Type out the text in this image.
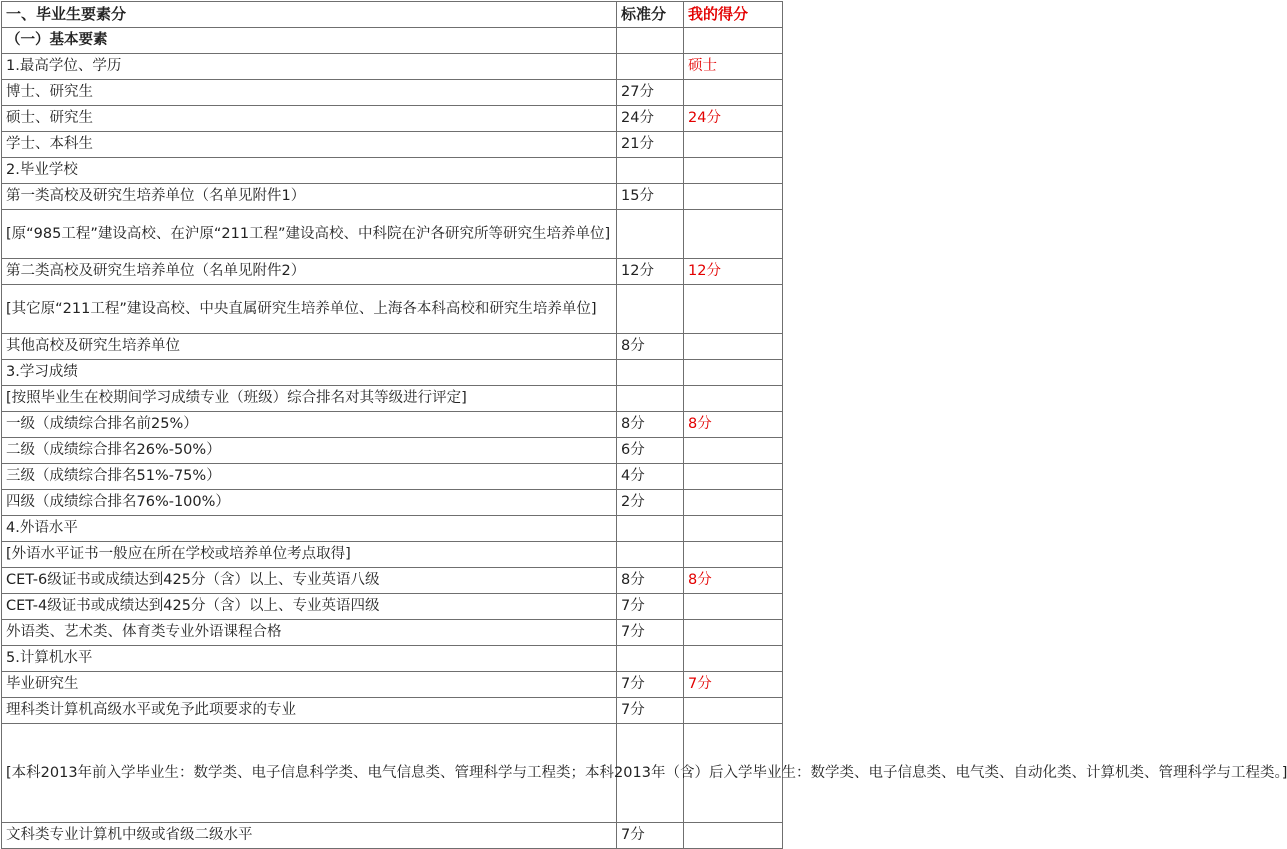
一、毕业生要素分	标准分	我的得分
（一）基本要素		
1.最高学位、学历		硕士
博士、研究生	27分	
硕士、研究生	24分	24分
学士、本科生	21分	
2.毕业学校		
第一类高校及研究生培养单位（名单见附件1）	15分	
[原“985工程”建设高校、在沪原“211工程”建设高校、中科院在沪各研究所等研究生培养单位]		
第二类高校及研究生培养单位（名单见附件2）	12分	12分
[其它原“211工程”建设高校、中央直属研究生培养单位、上海各本科高校和研究生培养单位]		
其他高校及研究生培养单位	8分	
3.学习成绩		
[按照毕业生在校期间学习成绩专业（班级）综合排名对其等级进行评定]		
一级（成绩综合排名前25%）	8分	8分
二级（成绩综合排名26%-50%）	6分	
三级（成绩综合排名51%-75%）	4分	
四级（成绩综合排名76%-100%）	2分	
4.外语水平		
[外语水平证书一般应在所在学校或培养单位考点取得]		
CET-6级证书或成绩达到425分（含）以上、专业英语八级	8分	8分
CET-4级证书或成绩达到425分（含）以上、专业英语四级	7分	
外语类、艺术类、体育类专业外语课程合格	7分	
5.计算机水平		
毕业研究生	7分	7分
理科类计算机高级水平或免予此项要求的专业	7分	
[本科2013年前入学毕业生：数学类、电子信息科学类、电气信息类、管理科学与工程类；本科2013年（含）后入学毕业生：数学类、电子信息类、电气类、自动化类、计算机类、管理科学与工程类。]		
文科类专业计算机中级或省级二级水平	7分	
